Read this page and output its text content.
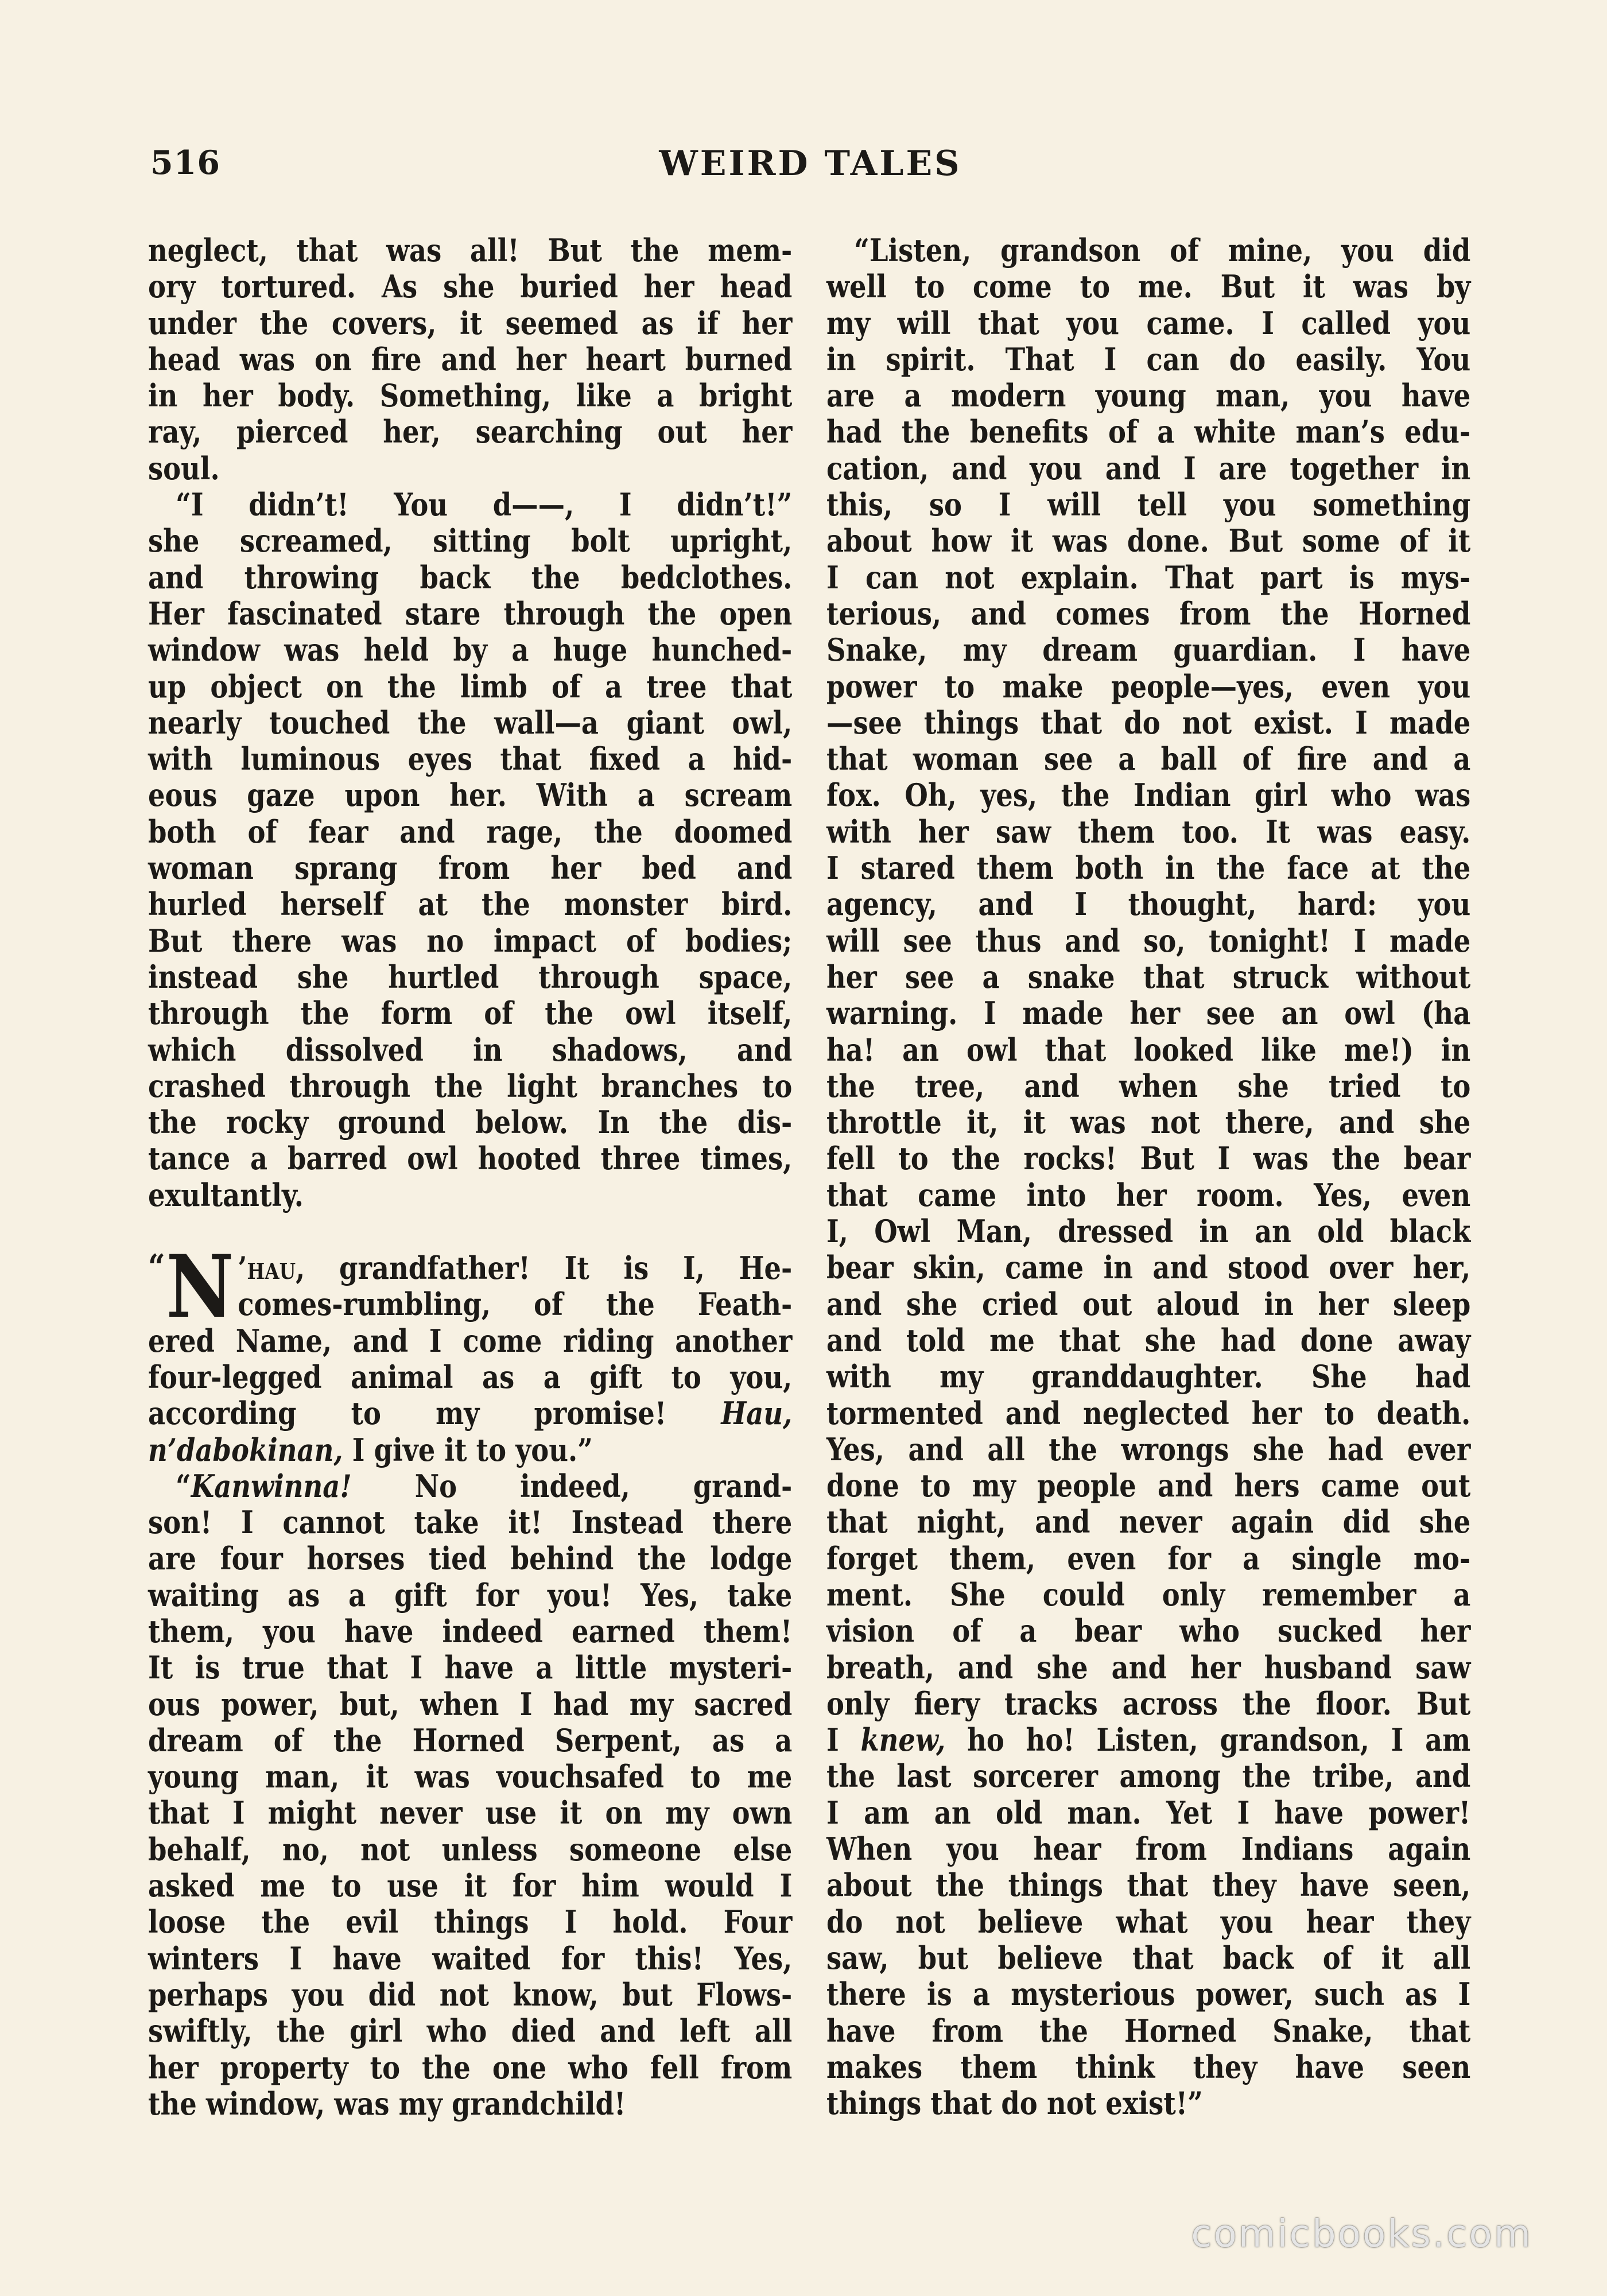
516	WEIRD TALES
neglect, that was all! But the mem-
ory tortured. As she buried her head
under the covers, it seemed as if her
head was on fire and her heart burned
in her body. Something, like a bright
ray, pierced her, searching out her
soul.
“I didn’t! You d——, I didn’t!”
she screamed, sitting bolt upright,
and throwing back the bedclothes.
Her fascinated stare through the open
window was held by a huge hunched-
up object on the limb of a tree that
nearly touched the wall—a giant owl,
with luminous eyes that fixed a hid-
eous gaze upon her. With a scream
both of fear and rage, the doomed
woman sprang from her bed and
hurled herself at the monster bird.
But there was no impact of bodies;
instead she hurtled through space,
through the form of the owl itself,
which dissolved in shadows, and
crashed through the light branches to
the rocky ground below. In the dis-
tance a barred owl hooted three times,
exultantly.
“ N ’hau, grandfather! It is I, He-
comes-rumbling, of the Feath-
ered Name, and I come riding another
four-legged animal as a gift to you,
according to my promise! Hau,
n’dabokinan, I give it to you.”
“Kanwinna! No indeed, grand-
son! I cannot take it! Instead there
are four horses tied behind the lodge
waiting as a gift for you! Yes, take
them, you have indeed earned them!
It is true that I have a little mysteri-
ous power, but, when I had my sacred
dream of the Horned Serpent, as a
young man, it was vouchsafed to me
that I might never use it on my own
behalf, no, not unless someone else
asked me to use it for him would I
loose the evil things I hold. Four
winters I have waited for this! Yes,
perhaps you did not know, but Flows-
swiftly, the girl who died and left all
her property to the one who fell from
the window, was my grandchild!
“Listen, grandson of mine, you did
well to come to me. But it was by
my will that you came. I called you
in spirit. That I can do easily. You
are a modern young man, you have
had the benefits of a white man’s edu-
cation, and you and I are together in
this, so I will tell you something
about how it was done. But some of it
I can not explain. That part is mys-
terious, and comes from the Horned
Snake, my dream guardian. I have
power to make people—yes, even you
—see things that do not exist. I made
that woman see a ball of fire and a
fox. Oh, yes, the Indian girl who was
with her saw them too. It was easy.
I stared them both in the face at the
agency, and I thought, hard: you
will see thus and so, tonight! I made
her see a snake that struck without
warning. I made her see an owl (ha
ha! an owl that looked like me!) in
the tree, and when she tried to
throttle it, it was not there, and she
fell to the rocks! But I was the bear
that came into her room. Yes, even
I, Owl Man, dressed in an old black
bear skin, came in and stood over her,
and she cried out aloud in her sleep
and told me that she had done away
with my granddaughter. She had
tormented and neglected her to death.
Yes, and all the wrongs she had ever
done to my people and hers came out
that night, and never again did she
forget them, even for a single mo-
ment. She could only remember a
vision of a bear who sucked her
breath, and she and her husband saw
only fiery tracks across the floor. But
I knew, ho ho! Listen, grandson, I am
the last sorcerer among the tribe, and
I am an old man. Yet I have power!
When you hear from Indians again
about the things that they have seen,
do not believe what you hear they
saw, but believe that back of it all
there is a mysterious power, such as I
have from the Horned Snake, that
makes them think they have seen
things that do not exist!”
comicbooks.com
